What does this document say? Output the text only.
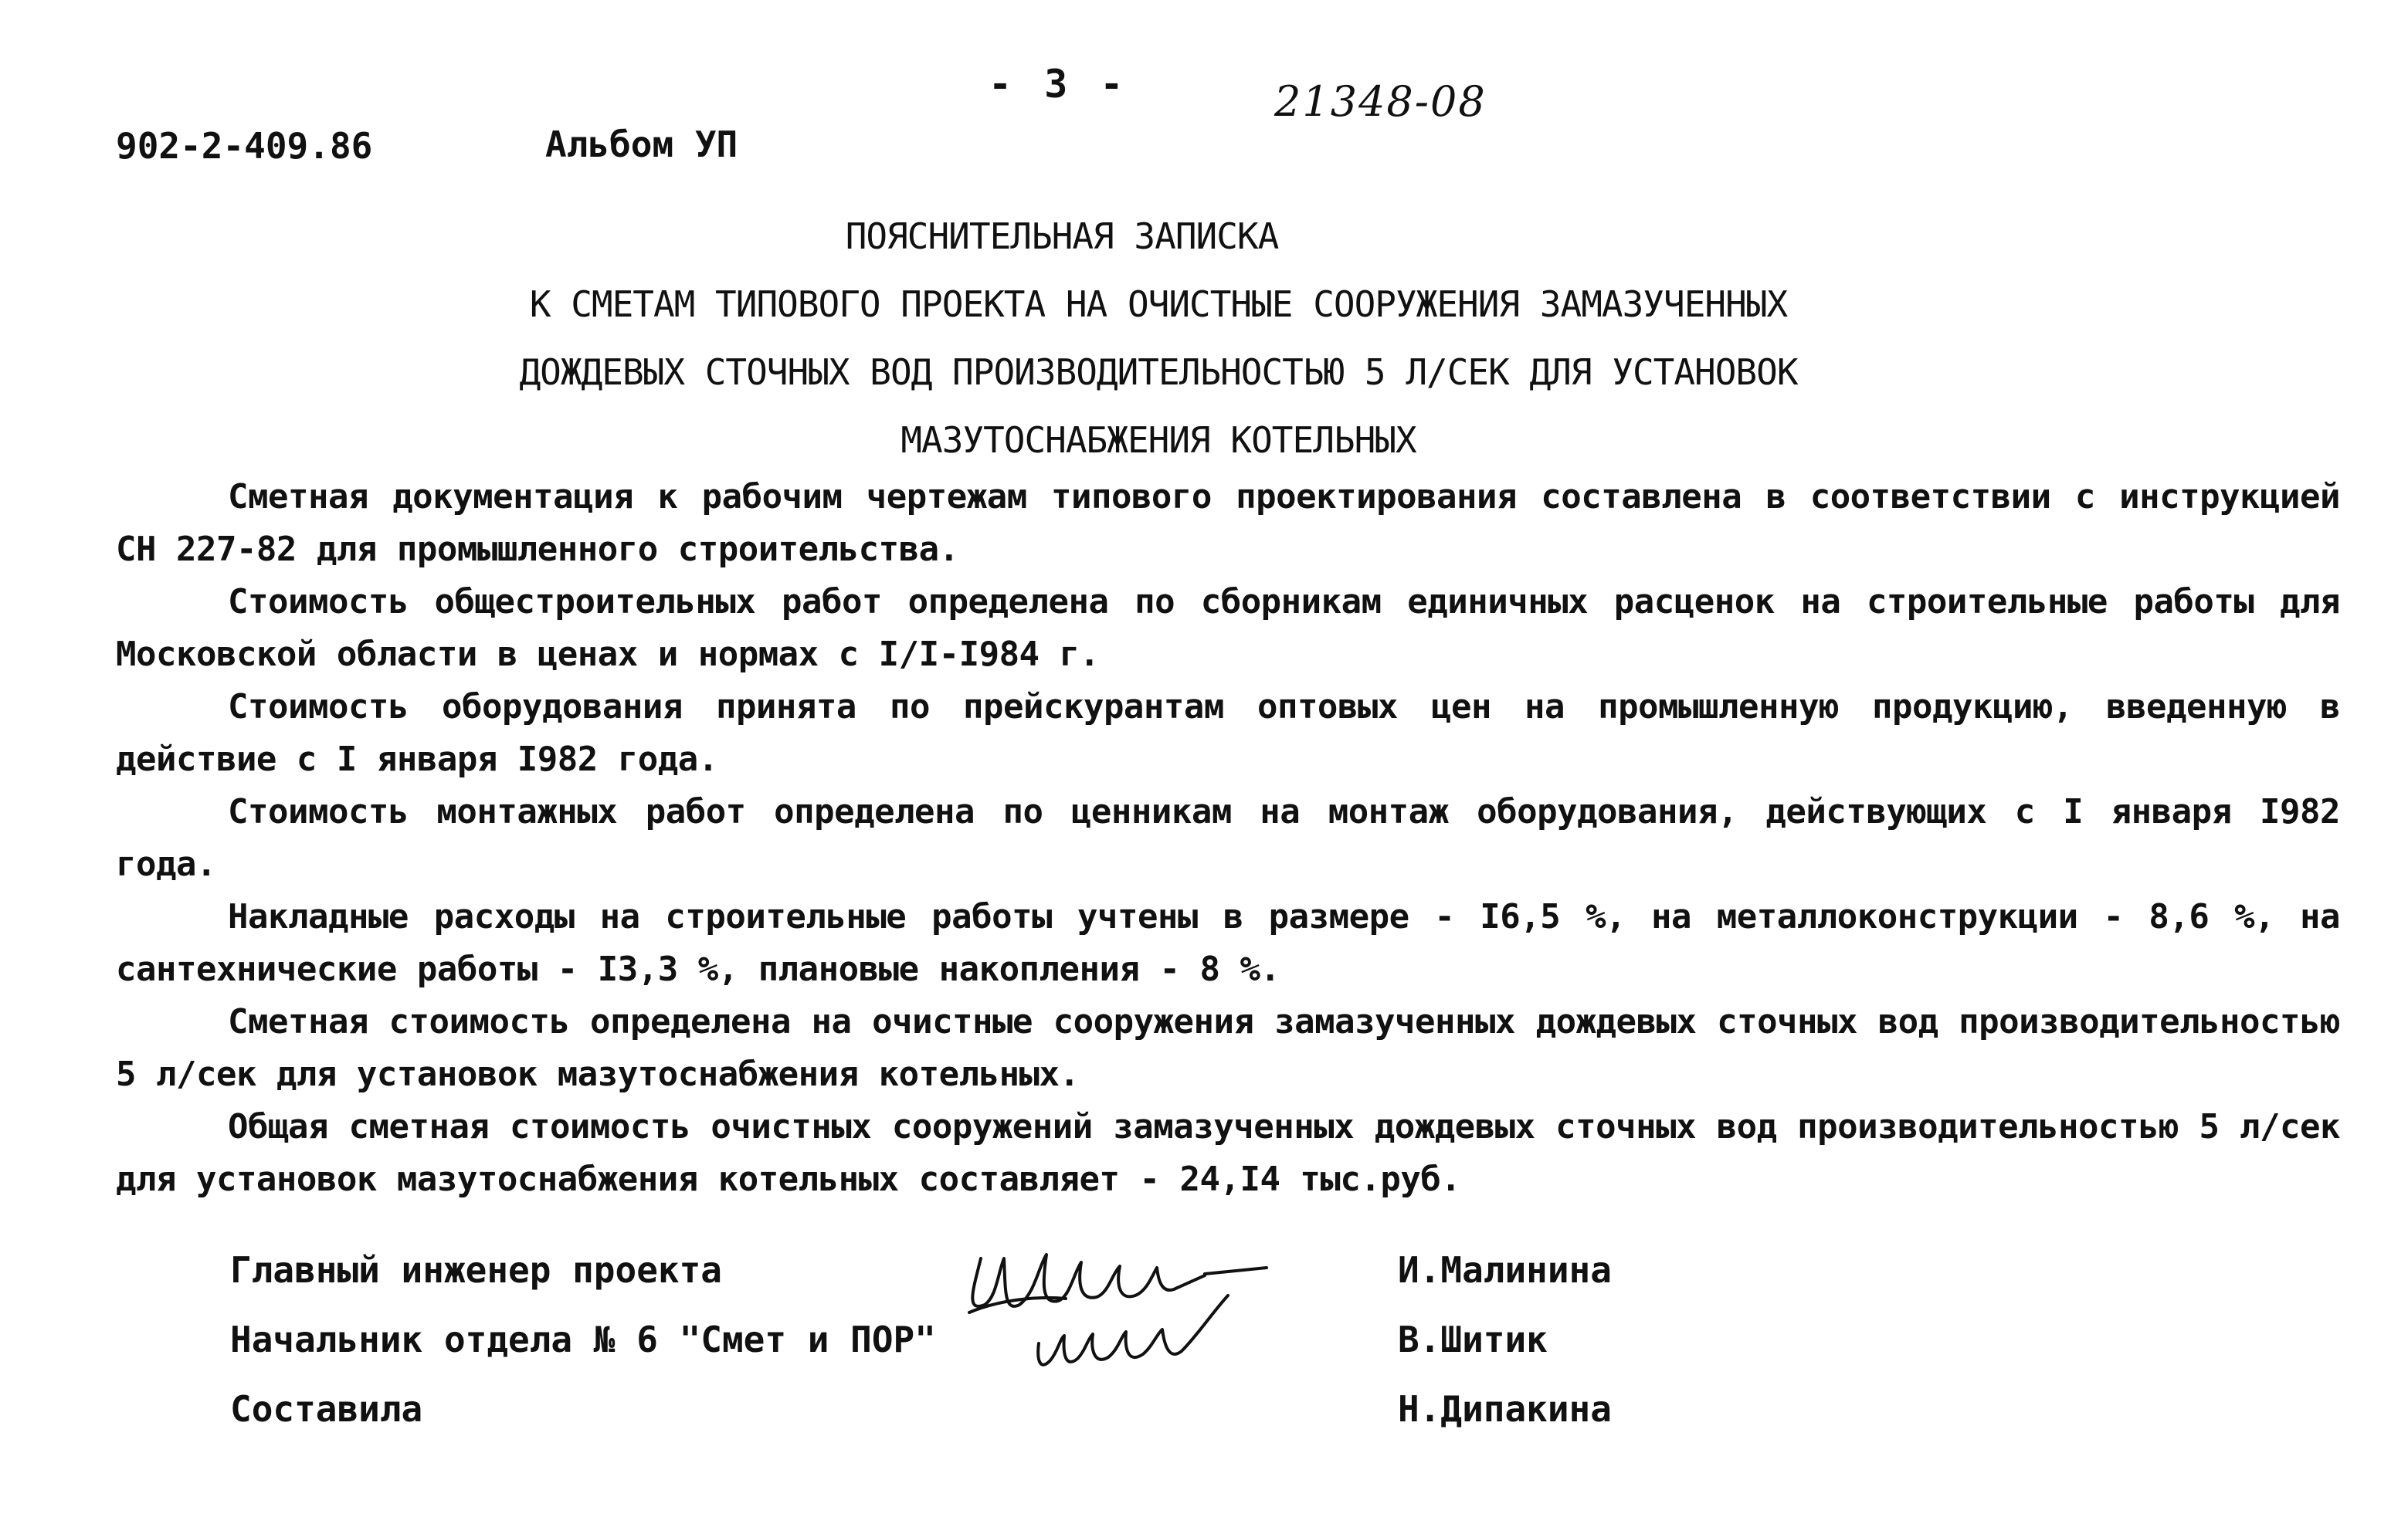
- 3 -	21348-08
902-2-409.86	Альбом УП
ПОЯСНИТЕЛЬНАЯ ЗАПИСКА
К СМЕТАМ ТИПОВОГО ПРОЕКТА НА ОЧИСТНЫЕ СООРУЖЕНИЯ ЗАМАЗУЧЕННЫХ
ДОЖДЕВЫХ СТОЧНЫХ ВОД ПРОИЗВОДИТЕЛЬНОСТЬЮ 5 Л/СЕК ДЛЯ УСТАНОВОК
МАЗУТОСНАБЖЕНИЯ КОТЕЛЬНЫХ

Сметная документация к рабочим чертежам типового проектирования составлена в соответствии с инструкцией СН 227-82 для промышленного строительства.

Стоимость общестроительных работ определена по сборникам единичных расценок на строительные работы для Московской области в ценах и нормах с I/I-I984 г.

Стоимость оборудования принята по прейскурантам оптовых цен на промышленную продукцию, введенную в действие с I января I982 года.

Стоимость монтажных работ определена по ценникам на монтаж оборудования, действующих с I января I982 года.

Накладные расходы на строительные работы учтены в размере - I6,5 %, на металлоконструкции - 8,6 %, на сантехнические работы - I3,3 %, плановые накопления - 8 %.

Сметная стоимость определена на очистные сооружения замазученных дождевых сточных вод производительностью 5 л/сек для установок мазутоснабжения котельных.

Общая сметная стоимость очистных сооружений замазученных дождевых сточных вод производительностью 5 л/сек для установок мазутоснабжения котельных составляет - 24,I4 тыс.руб.

Главный инженер проекта	И.Малинина
Начальник отдела № 6 "Смет и ПОР"	В.Шитик
Составила	Н.Дипакина
